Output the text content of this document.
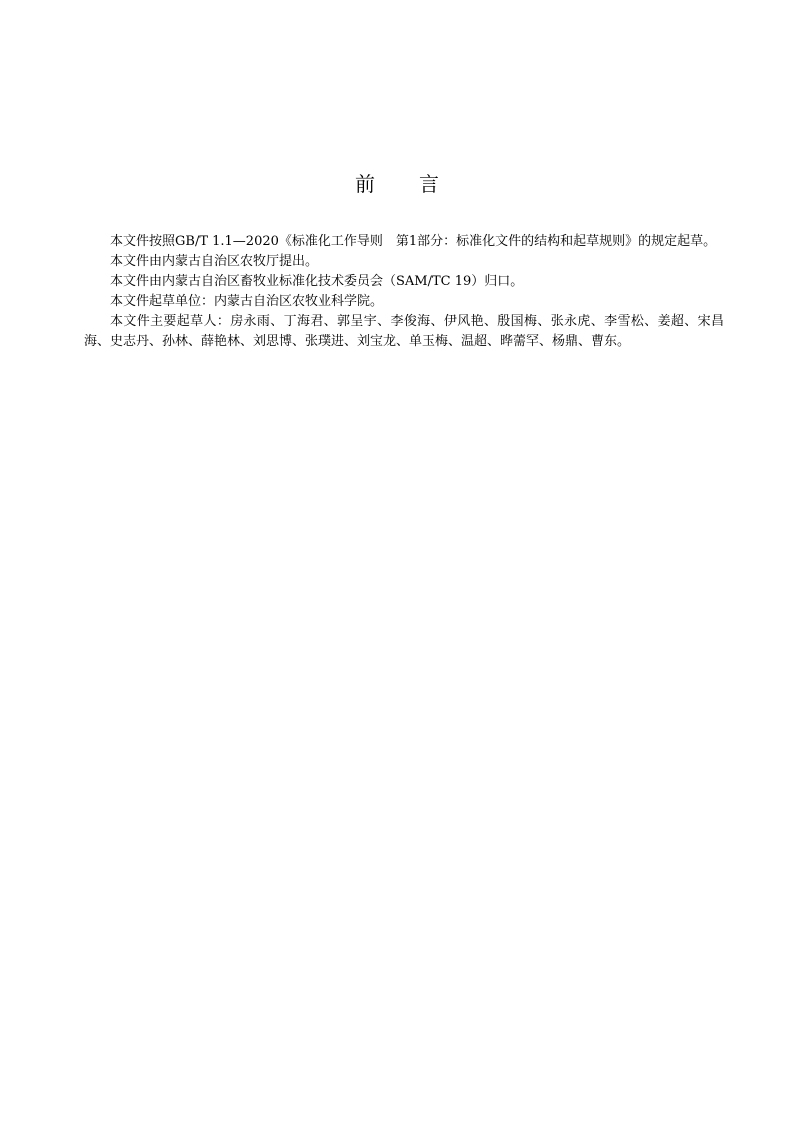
前 言

本文件按照GB/T 1.1—2020《标准化工作导则　第1部分：标准化文件的结构和起草规则》的规定起草。

本文件由内蒙古自治区农牧厅提出。

本文件由内蒙古自治区畜牧业标准化技术委员会（SAM/TC 19）归口。

本文件起草单位：内蒙古自治区农牧业科学院。

本文件主要起草人：房永雨、丁海君、郭呈宇、李俊海、伊风艳、殷国梅、张永虎、李雪松、姜超、宋昌海、史志丹、孙林、薛艳林、刘思博、张璞进、刘宝龙、单玉梅、温超、晔薷罕、杨鼎、曹东。
